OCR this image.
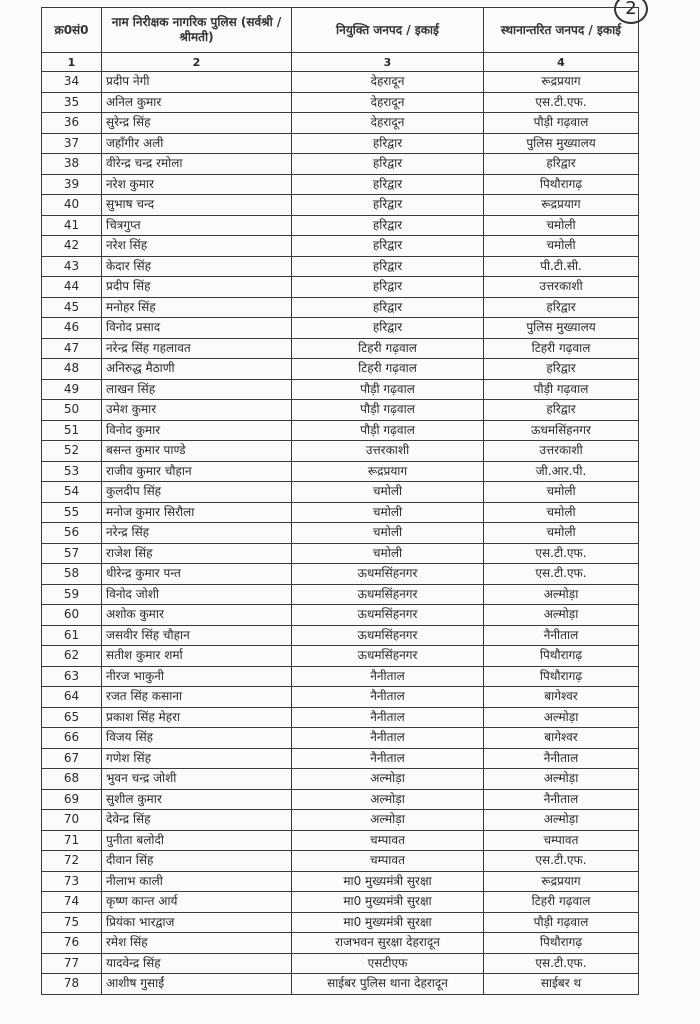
2
क्र0सं0	नाम निरीक्षक नागरिक पुलिस (सर्वश्री / श्रीमती)	नियुक्ति जनपद / इकाई	स्थानान्तरित जनपद / इकाई
1	2	3	4
34	प्रदीप नेगी	देहरादून	रूद्रप्रयाग
35	अनिल कुमार	देहरादून	एस.टी.एफ.
36	सुरेन्द्र सिंह	देहरादून	पौड़ी गढ़वाल
37	जहाँगीर अली	हरिद्वार	पुलिस मुख्यालय
38	वीरेन्द्र चन्द्र रमोला	हरिद्वार	हरिद्वार
39	नरेश कुमार	हरिद्वार	पिथौरागढ़
40	सुभाष चन्द	हरिद्वार	रूद्रप्रयाग
41	चित्रगुप्त	हरिद्वार	चमोली
42	नरेश सिंह	हरिद्वार	चमोली
43	केदार सिंह	हरिद्वार	पी.टी.सी.
44	प्रदीप सिंह	हरिद्वार	उत्तरकाशी
45	मनोहर सिंह	हरिद्वार	हरिद्वार
46	विनोद प्रसाद	हरिद्वार	पुलिस मुख्यालय
47	नरेन्द्र सिंह गहलावत	टिहरी गढ़वाल	टिहरी गढ़वाल
48	अनिरुद्ध मैठाणी	टिहरी गढ़वाल	हरिद्वार
49	लाखन सिंह	पौड़ी गढ़वाल	पौड़ी गढ़वाल
50	उमेश कुमार	पौड़ी गढ़वाल	हरिद्वार
51	विनोद कुमार	पौड़ी गढ़वाल	ऊधमसिंहनगर
52	बसन्त कुमार पाण्डे	उत्तरकाशी	उत्तरकाशी
53	राजीव कुमार चौहान	रूद्रप्रयाग	जी.आर.पी.
54	कुलदीप सिंह	चमोली	चमोली
55	मनोज कुमार सिरौला	चमोली	चमोली
56	नरेन्द्र सिंह	चमोली	चमोली
57	राजेश सिंह	चमोली	एस.टी.एफ.
58	धीरेन्द्र कुमार पन्त	ऊधमसिंहनगर	एस.टी.एफ.
59	विनोद जोशी	ऊधमसिंहनगर	अल्मोड़ा
60	अशोक कुमार	ऊधमसिंहनगर	अल्मोड़ा
61	जसवीर सिंह चौहान	ऊधमसिंहनगर	नैनीताल
62	सतीश कुमार शर्मा	ऊधमसिंहनगर	पिथौरागढ़
63	नीरज भाकुनी	नैनीताल	पिथौरागढ़
64	रजत सिंह कसाना	नैनीताल	बागेश्वर
65	प्रकाश सिंह मेहरा	नैनीताल	अल्मोड़ा
66	विजय सिंह	नैनीताल	बागेश्वर
67	गणेश सिंह	नैनीताल	नैनीताल
68	भुवन चन्द्र जोशी	अल्मोड़ा	अल्मोड़ा
69	सुशील कुमार	अल्मोड़ा	नैनीताल
70	देवेन्द्र सिंह	अल्मोड़ा	अल्मोड़ा
71	पुनीता बलोदी	चम्पावत	चम्पावत
72	दीवान सिंह	चम्पावत	एस.टी.एफ.
73	नीलाभ काली	मा0 मुख्यमंत्री सुरक्षा	रूद्रप्रयाग
74	कृष्ण कान्त आर्य	मा0 मुख्यमंत्री सुरक्षा	टिहरी गढ़वाल
75	प्रियंका भारद्वाज	मा0 मुख्यमंत्री सुरक्षा	पौड़ी गढ़वाल
76	रमेश सिंह	राजभवन सुरक्षा देहरादून	पिथौरागढ़
77	यादवेन्द्र सिंह	एसटीएफ	एस.टी.एफ.
78	आशीष गुसाईं	साईबर पुलिस थाना देहरादून	साईबर थ
